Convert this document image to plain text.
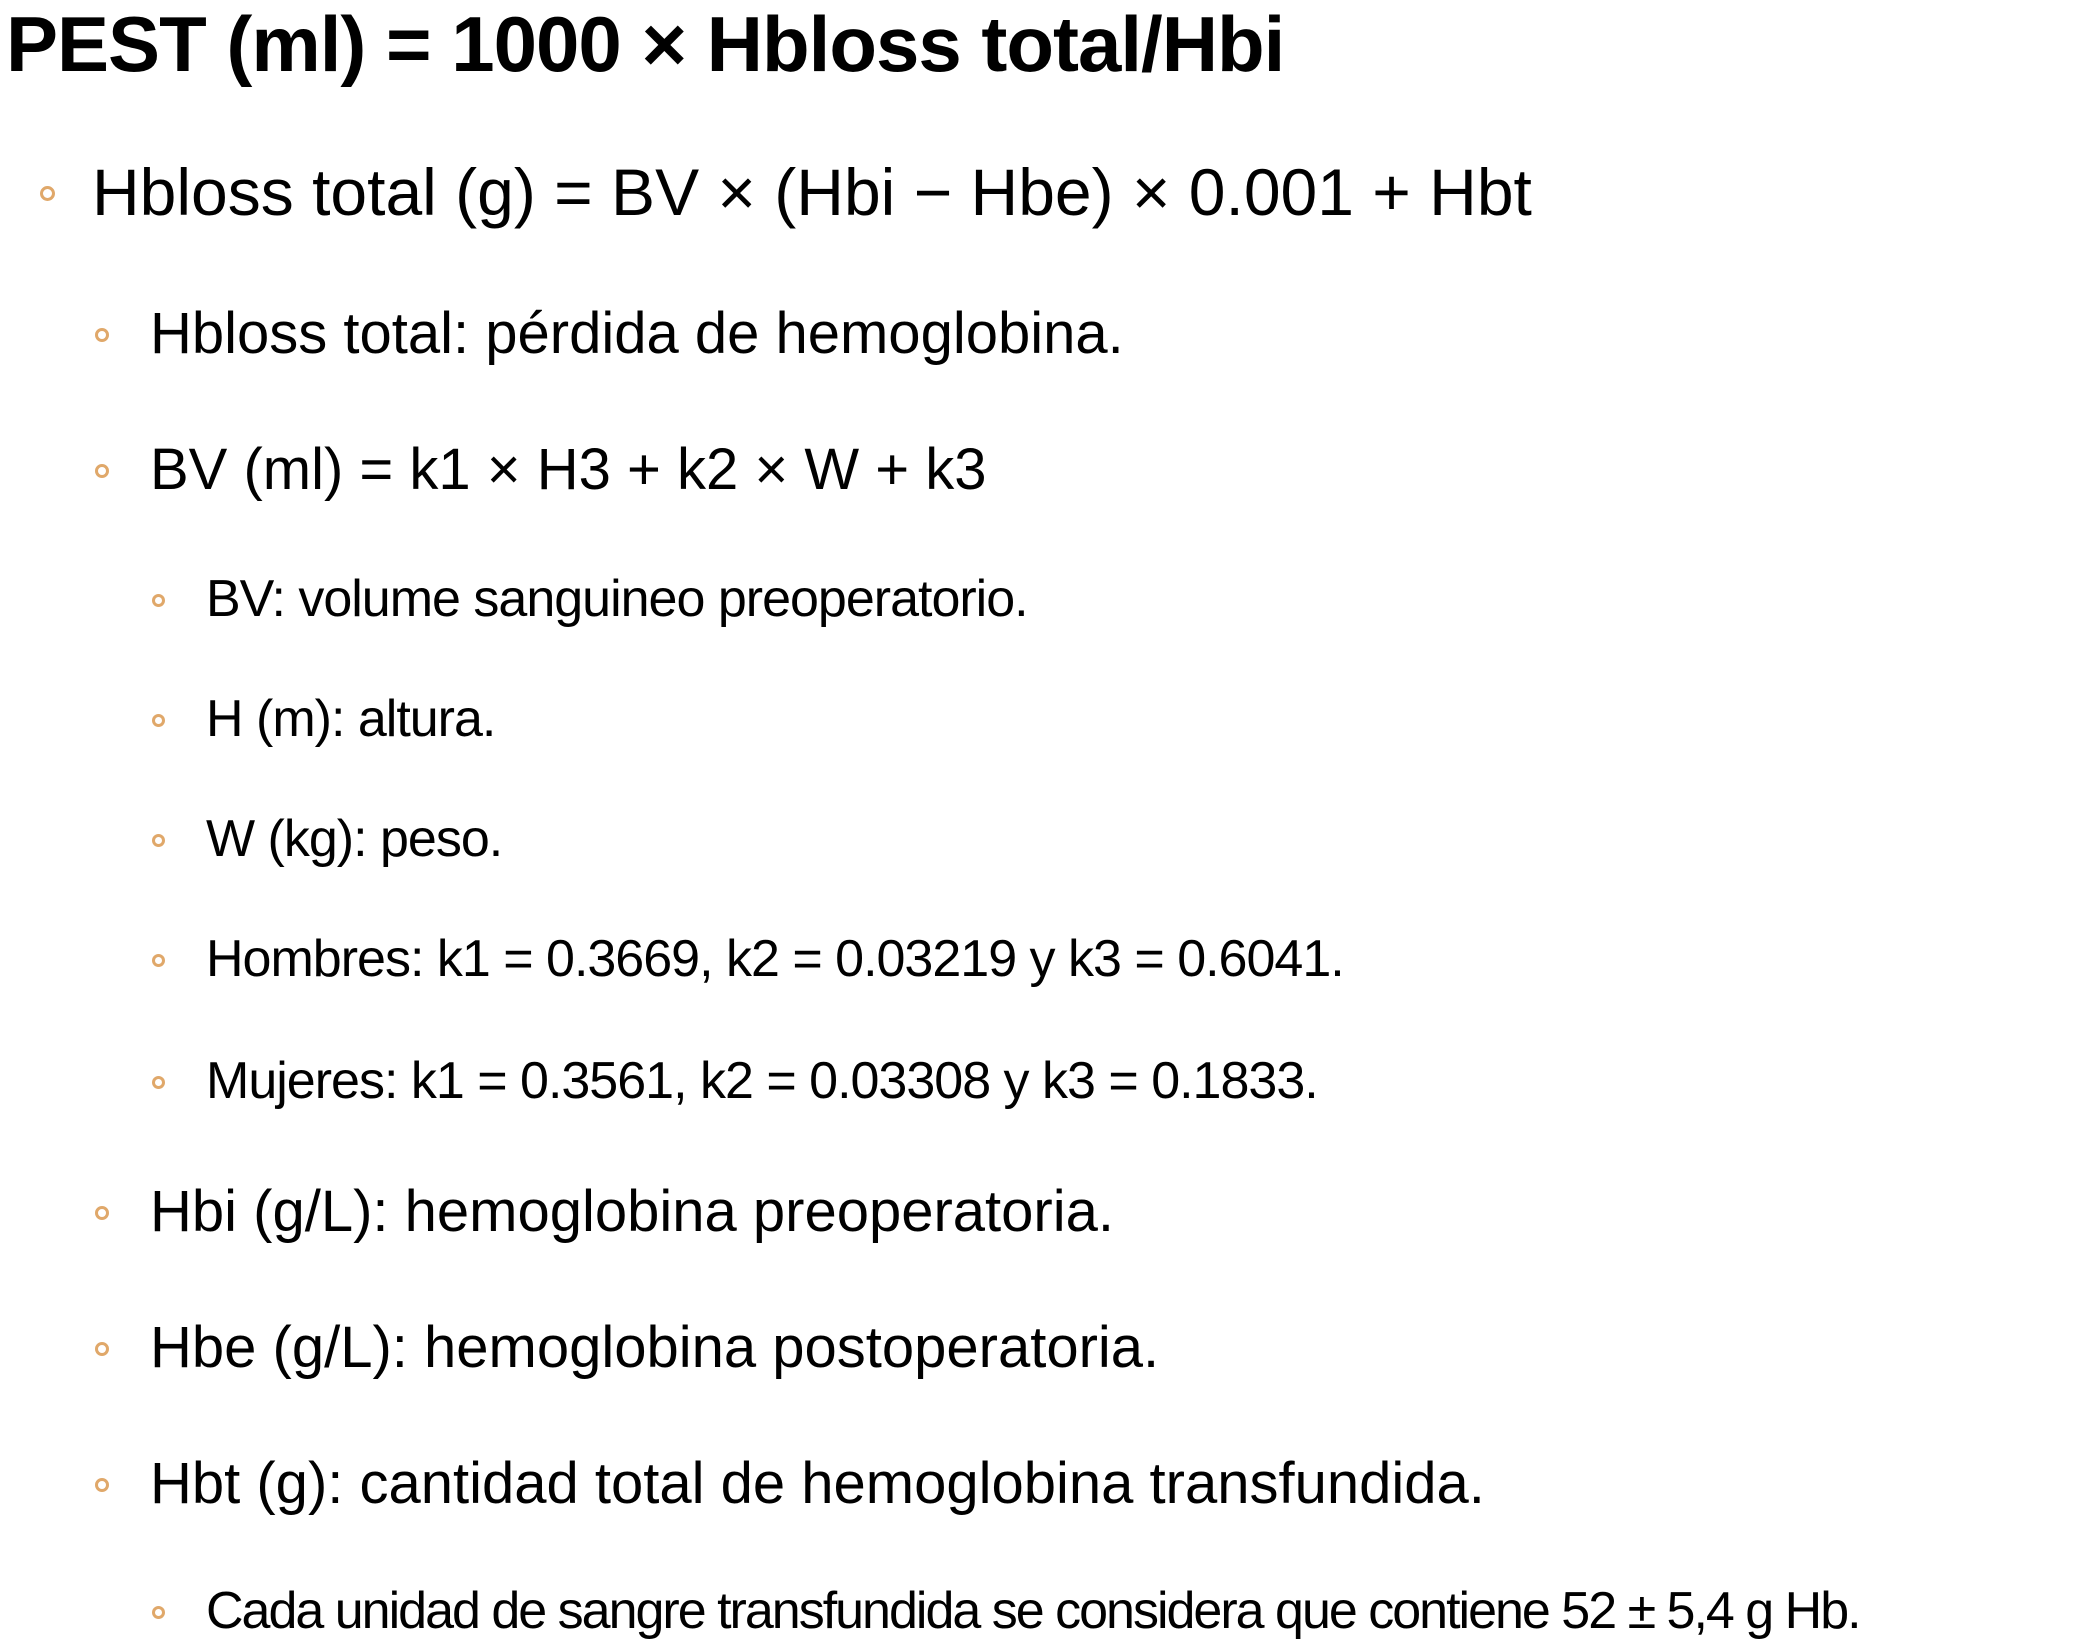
PEST (ml) = 1000 × Hbloss total/Hbi
Hbloss total (g) = BV × (Hbi − Hbe) × 0.001 + Hbt
Hbloss total: pérdida de hemoglobina.
BV (ml) = k1 × H3 + k2 × W + k3
BV: volume sanguineo preoperatorio.
H (m): altura.
W (kg): peso.
Hombres: k1 = 0.3669, k2 = 0.03219 y k3 = 0.6041.
Mujeres: k1 = 0.3561, k2 = 0.03308 y k3 = 0.1833.
Hbi (g/L): hemoglobina preoperatoria.
Hbe (g/L): hemoglobina postoperatoria.
Hbt (g): cantidad total de hemoglobina transfundida.
Cada unidad de sangre transfundida se considera que contiene 52 ± 5,4 g Hb.
